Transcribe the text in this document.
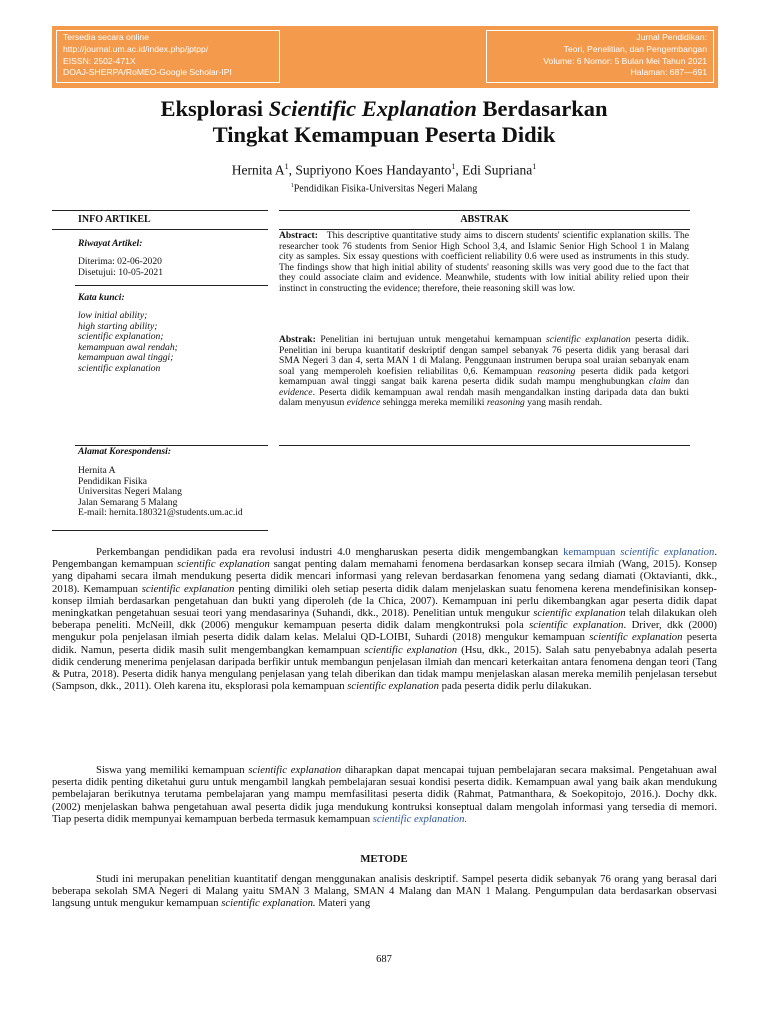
Tersedia secara online
http://journal.um.ac.id/index.php/jptpp/
EISSN: 2502-471X
DOAJ-SHERPA/RoMEO-Google Scholar-IPI
Jurnal Pendidikan:
Teori, Penelitian, dan Pengembangan
Volume: 6 Nomor: 5 Bulan Mei Tahun 2021
Halaman: 687—691
Eksplorasi Scientific Explanation Berdasarkan
Tingkat Kemampuan Peserta Didik
Hernita $A^1$, Supriyono Koes Handayanto$^1$, Edi Supriana$^1$
$^1$Pendidikan Fisika-Universitas Negeri Malang
INFO ARTIKEL	ABSTRAK
Riwayat Artikel:
Diterima: 02-06-2020
Disetujui: 10-05-2021
Kata kunci:
low initial ability;
high starting ability;
scientific explanation;
kemampuan awal rendah;
kemampuan awal tinggi;
scientific explanation
Alamat Korespondensi:
Hernita A
Pendidikan Fisika
Universitas Negeri Malang
Jalan Semarang 5 Malang
E-mail: hernita.180321@students.um.ac.id
Abstract: This descriptive quantitative study aims to discern students' scientific explanation skills. The researcher took 76 students from Senior High School 3,4, and Islamic Senior High School 1 in Malang city as samples. Six essay questions with coefficient reliability 0.6 were used as instruments in this study. The findings show that high initial ability of students' reasoning skills was very good due to the fact that they could associate claim and evidence. Meanwhile, students with low initial ability relied upon their instinct in constructing the evidence; therefore, theie reasoning skill was low.
Abstrak: Penelitian ini bertujuan untuk mengetahui kemampuan scientific explanation peserta didik. Penelitian ini berupa kuantitatif deskriptif dengan sampel sebanyak 76 peserta didik yang berasal dari SMA Negeri 3 dan 4, serta MAN 1 di Malang. Penggunaan instrumen berupa soal uraian sebanyak enam soal yang memperoleh koefisien reliabilitas 0,6. Kemampuan reasoning peserta didik pada ketgori kemampuan awal tinggi sangat baik karena peserta didik sudah mampu menghubungkan claim dan evidence. Peserta didik kemampuan awal rendah masih mengandalkan insting daripada data dan bukti dalam menyusun evidence sehingga mereka memiliki reasoning yang masih rendah.

Perkembangan pendidikan pada era revolusi industri 4.0 mengharuskan peserta didik mengembangkan kemampuan scientific explanation. Pengembangan kemampuan scientific explanation sangat penting dalam memahami fenomena berdasarkan konsep secara ilmiah (Wang, 2015). Konsep yang dipahami secara ilmah mendukung peserta didik mencari informasi yang relevan berdasarkan fenomena yang sedang diamati (Oktavianti, dkk., 2018). Kemampuan scientific explanation penting dimiliki oleh setiap peserta didik dalam menjelaskan suatu fenomena kerena mendefinisikan konsep-konsep ilmiah berdasarkan pengetahuan dan bukti yang diperoleh (de la Chica, 2007). Kemampuan ini perlu dikembangkan agar peserta didik dapat meningkatkan pengetahuan sesuai teori yang mendasarinya (Suhandi, dkk., 2018). Penelitian untuk mengukur scientific explanation telah dilakukan oleh beberapa peneliti. McNeill, dkk (2006) mengukur kemampuan peserta didik dalam mengkontruksi pola scientific explanation. Driver, dkk (2000) mengukur pola penjelasan ilmiah peserta didik dalam kelas. Melalui QD-LOIBI, Suhardi (2018) mengukur kemampuan scientific explanation peserta didik. Namun, peserta didik masih sulit mengembangkan kemampuan scientific explanation (Hsu, dkk., 2015). Salah satu penyebabnya adalah peserta didik cenderung menerima penjelasan daripada berfikir untuk membangun penjelasan ilmiah dan mencari keterkaitan antara fenomena dengan teori (Tang & Putra, 2018). Peserta didik hanya mengulang penjelasan yang telah diberikan dan tidak mampu menjelaskan alasan mereka memilih penjelasan tersebut (Sampson, dkk., 2011). Oleh karena itu, eksplorasi pola kemampuan scientific explanation pada peserta didik perlu dilakukan.

Siswa yang memiliki kemampuan scientific explanation diharapkan dapat mencapai tujuan pembelajaran secara maksimal. Pengetahuan awal peserta didik penting diketahui guru untuk mengambil langkah pembelajaran sesuai kondisi peserta didik. Kemampuan awal yang baik akan mendukung pembelajaran berikutnya terutama pembelajaran yang mampu memfasilitasi peserta didik (Rahmat, Patmanthara, & Soekopitojo, 2016.). Dochy dkk. (2002) menjelaskan bahwa pengetahuan awal peserta didik juga mendukung kontruksi konseptual dalam mengolah informasi yang tersedia di memori. Tiap peserta didik mempunyai kemampuan berbeda termasuk kemampuan scientific explanation.

METODE

Studi ini merupakan penelitian kuantitatif dengan menggunakan analisis deskriptif. Sampel peserta didik sebanyak 76 orang yang berasal dari beberapa sekolah SMA Negeri di Malang yaitu SMAN 3 Malang, SMAN 4 Malang dan MAN 1 Malang. Pengumpulan data berdasarkan observasi langsung untuk mengukur kemampuan scientific explanation. Materi yang

687
